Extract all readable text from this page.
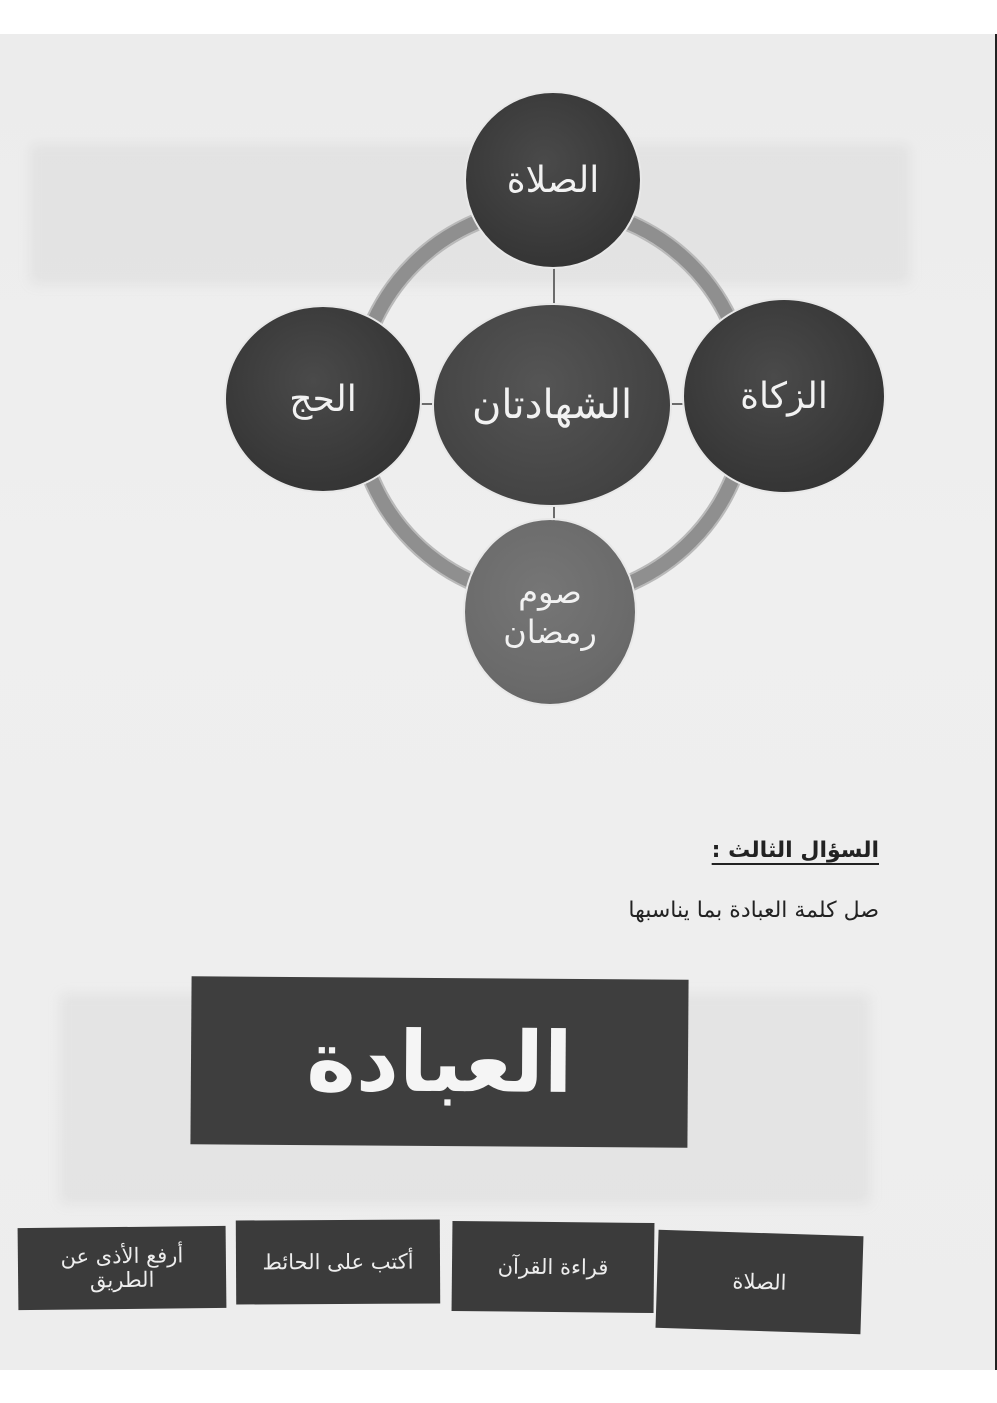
الصلاة
الحج	الزكاة
الشهادتان
صوم
رمضان
السؤال الثالث :
صل كلمة العبادة بما يناسبها
العبادة
أرفع الأذى عن
الطريق
أكتب على الحائط	قراءة القرآن
الصلاة
